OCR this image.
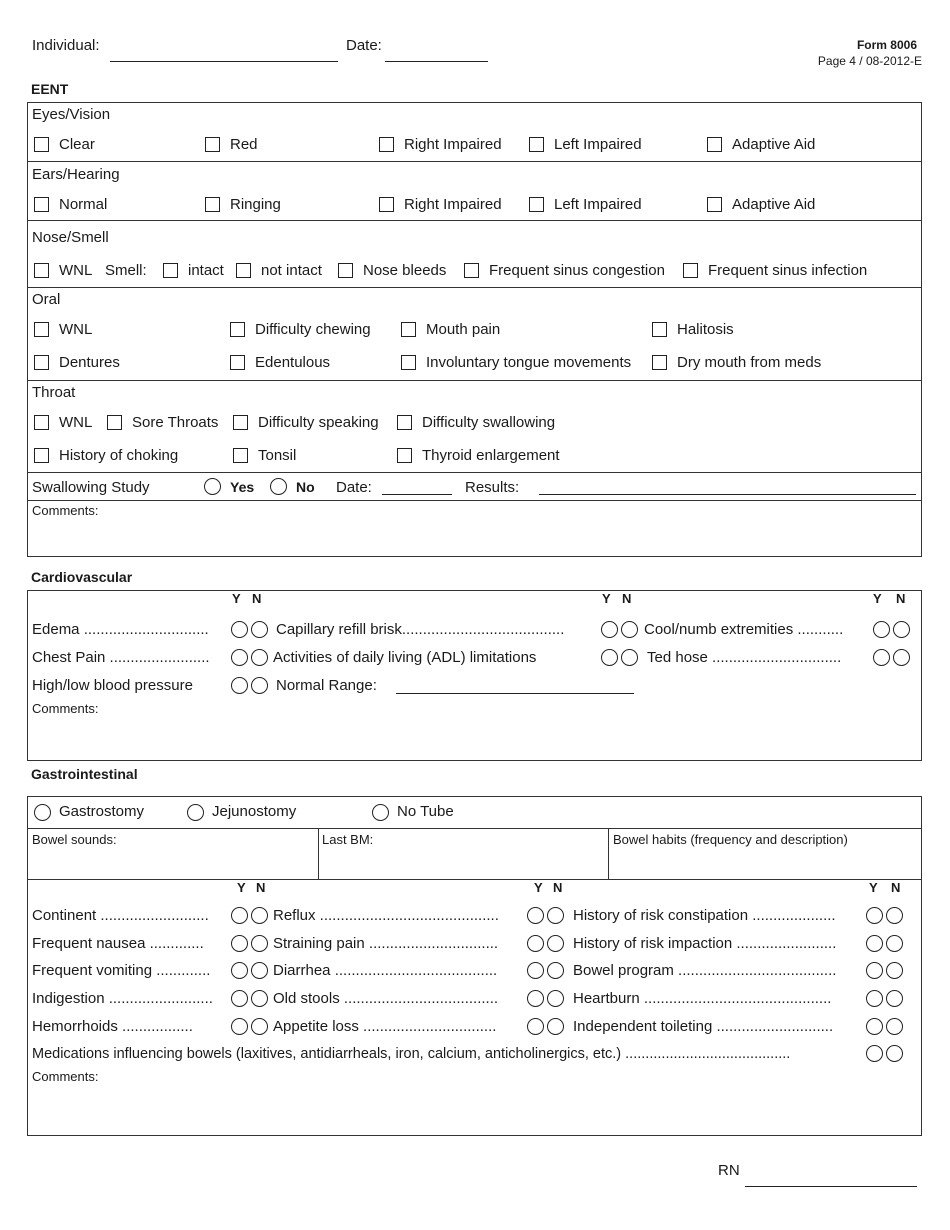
Individual:	Date:	Form 8006
Page 4 / 08-2012-E
EENT
Eyes/Vision
Clear	Red	Right Impaired	Left Impaired	Adaptive Aid
Ears/Hearing
Normal	Ringing	Right Impaired	Left Impaired	Adaptive Aid
Nose/Smell
WNL Smell:	intact not intact	Nose bleeds	Frequent sinus congestion	Frequent sinus infection
Oral
WNL	Difficulty chewing	Mouth pain	Halitosis
Dentures	Edentulous	Involuntary tongue movements	Dry mouth from meds
Throat
WNL	Sore Throats	Difficulty speaking	Difficulty swallowing
History of choking	Tonsil	Thyroid enlargement
Swallowing Study	Yes	No Date:	Results:
Comments:
Cardiovascular
Y N	Y N	Y N
Edema ..............................	Capillary refill brisk.......................................	Cool/numb extremities ...........
Chest Pain ........................	Activities of daily living (ADL) limitations	Ted hose ...............................
High/low blood pressure	Normal Range:
Comments:
Gastrointestinal
Gastrostomy	Jejunostomy	No Tube
Bowel sounds:	Last BM:	Bowel habits (frequency and description)
Y N	Y N	Y N
Continent ..........................	Reflux ...........................................	History of risk constipation ....................
Frequent nausea .............	Straining pain ...............................	History of risk impaction ........................
Frequent vomiting .............	Diarrhea .......................................	Bowel program ......................................
Indigestion .........................	Old stools .....................................	Heartburn .............................................
Hemorrhoids .................	Appetite loss ................................	Independent toileting ............................
Medications influencing bowels (laxitives, antidiarrheals, iron, calcium, anticholinergics, etc.) .........................................
Comments:
RN
